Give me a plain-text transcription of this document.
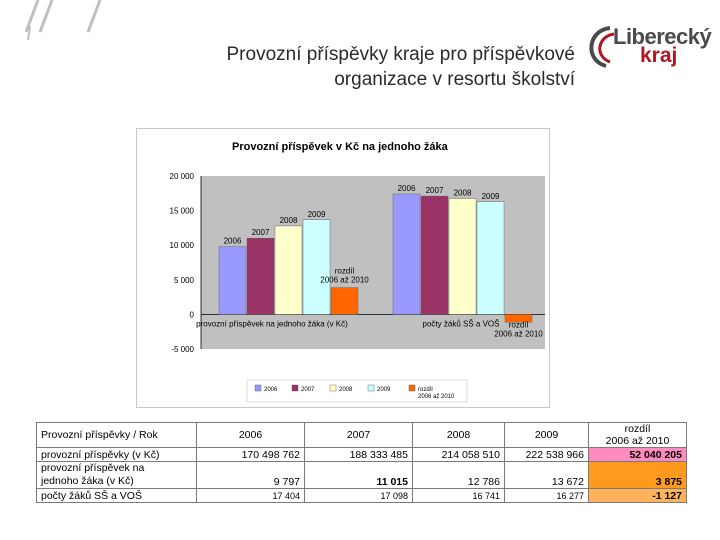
Provozní příspěvky kraje pro příspěvkové
organizace v resortu školství
Liberecký
kraj
Provozní příspěvek v Kč na jednoho žáka
20 000
15 000
10 000
5 000
0
-5 000
2006
2007
2008
2009
rozdíl
2006 až 2010
2006 2007 2008 2009
rozdíl
2006 až 2010
provozní příspěvek na jednoho žáka (v Kč)	počty žáků SŠ a VOŠ
2006	2007	2008	2009	rozdíl
2006 až 2010
Provozní příspěvky / Rok	2006	2007	2008	2009	rozdíl
2006 až 2010

provozní příspěvky (v Kč)	170 498 762	188 333 485	214 058 510	222 538 966	52 040 205

provozní příspěvek na
jednoho žáka (v Kč)	9 797	11 015	12 786	13 672	3 875
počty žáků SŠ a VOŠ	17 404	17 098	16 741	16 277	-1 127
